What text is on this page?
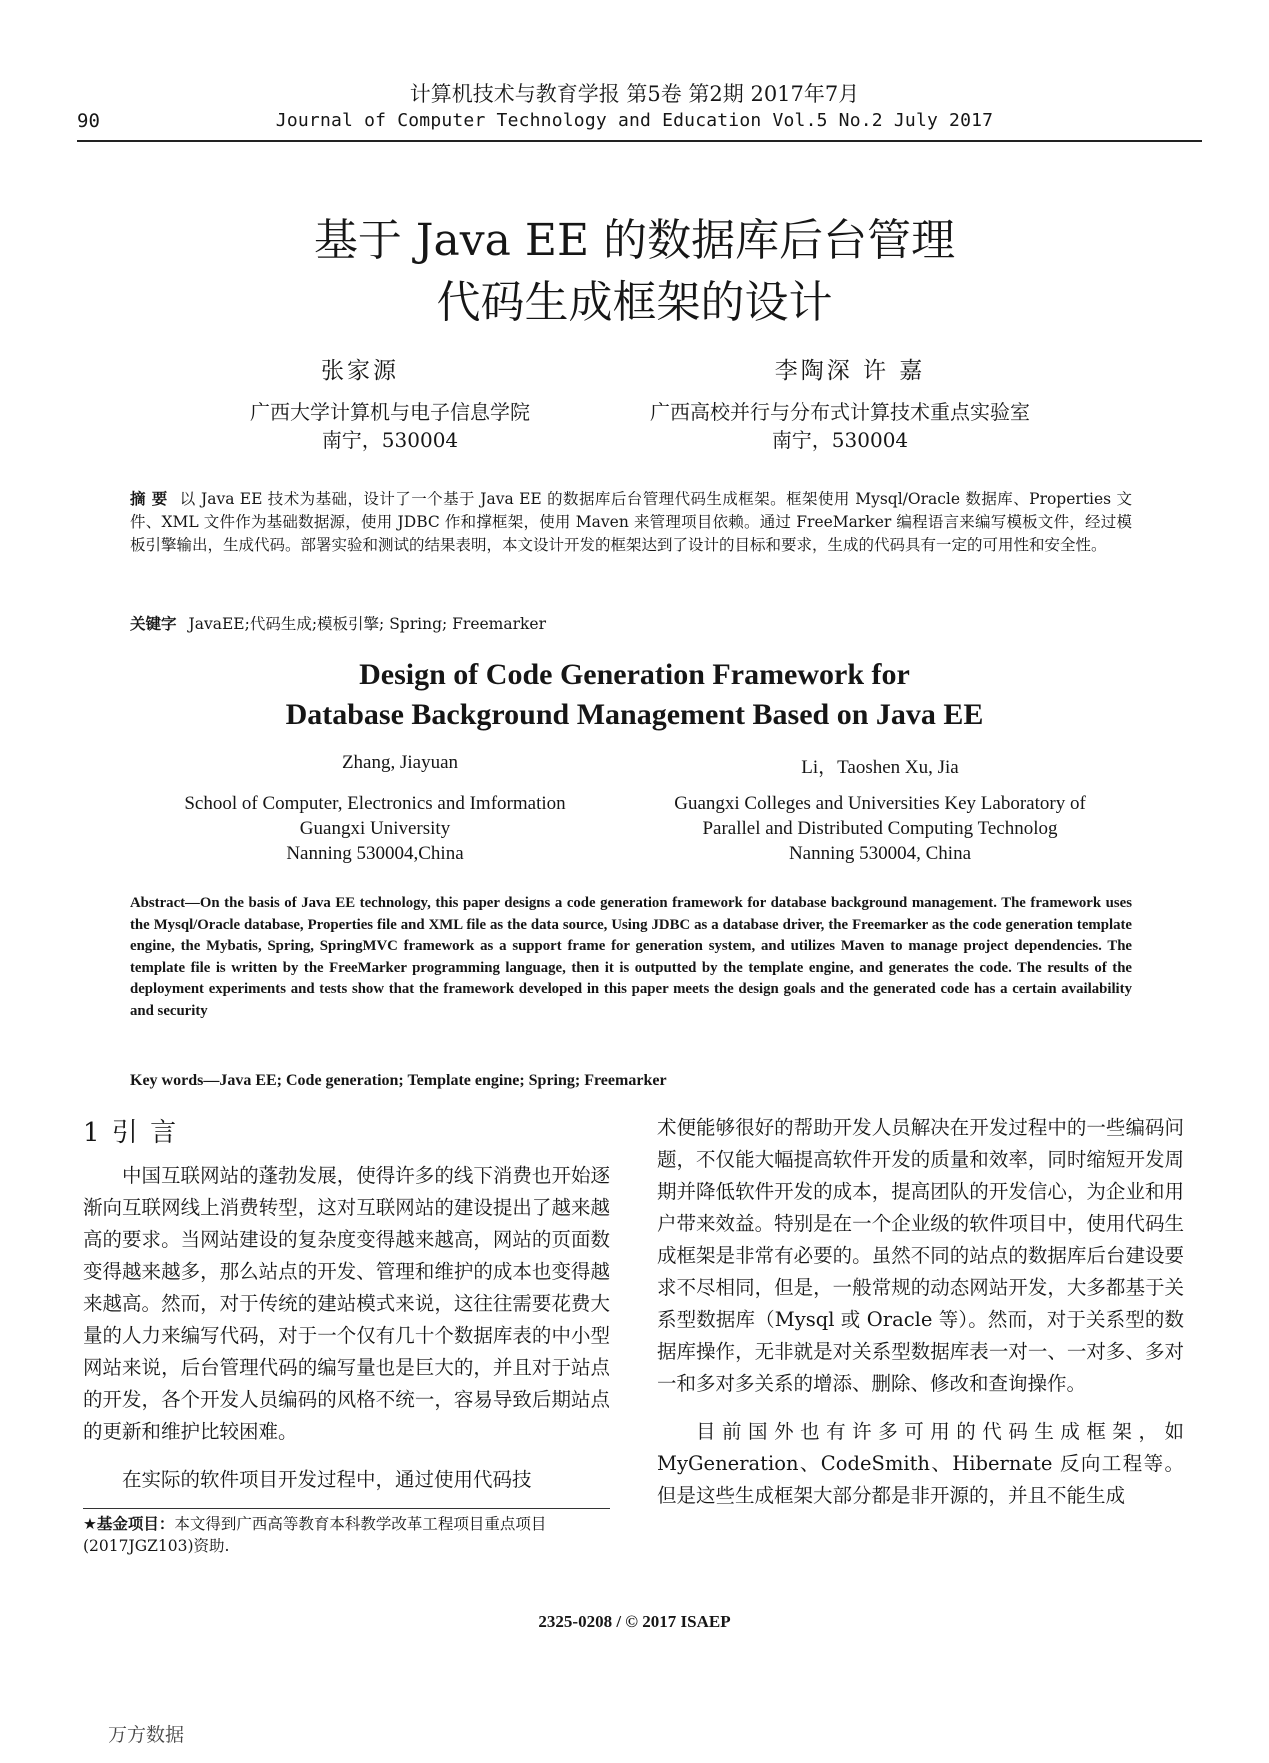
计算机技术与教育学报 第5卷 第2期 2017年7月
90	Journal of Computer Technology and Education Vol.5 No.2 July 2017
基于 Java EE 的数据库后台管理
代码生成框架的设计
张家源	李陶深 许 嘉
广西大学计算机与电子信息学院
南宁，530004
广西高校并行与分布式计算技术重点实验室
南宁，530004
摘 要 以 Java EE 技术为基础，设计了一个基于 Java EE 的数据库后台管理代码生成框架。框架使用 Mysql/Oracle 数据库、Properties 文件、XML 文件作为基础数据源，使用 JDBC 作和撑框架，使用 Maven 来管理项目依赖。通过 FreeMarker 编程语言来编写模板文件，经过模板引擎输出，生成代码。部署实验和测试的结果表明，本文设计开发的框架达到了设计的目标和要求，生成的代码具有一定的可用性和安全性。
关键字 JavaEE;代码生成;模板引擎; Spring; Freemarker
Design of Code Generation Framework for
Database Background Management Based on Java EE
Zhang, Jiayuan	Li，Taoshen Xu, Jia
School of Computer, Electronics and Imformation
Guangxi University
Nanning 530004,China
Guangxi Colleges and Universities Key Laboratory of
Parallel and Distributed Computing Technolog
Nanning 530004, China
Abstract—On the basis of Java EE technology, this paper designs a code generation framework for database background management. The framework uses the Mysql/Oracle database, Properties file and XML file as the data source, Using JDBC as a database driver, the Freemarker as the code generation template engine, the Mybatis, Spring, SpringMVC framework as a support frame for generation system, and utilizes Maven to manage project dependencies. The template file is written by the FreeMarker programming language, then it is outputted by the template engine, and generates the code. The results of the deployment experiments and tests show that the framework developed in this paper meets the design goals and the generated code has a certain availability and security
Key words—Java EE; Code generation; Template engine; Spring; Freemarker
1 引 言

中国互联网站的蓬勃发展，使得许多的线下消费也开始逐渐向互联网线上消费转型，这对互联网站的建设提出了越来越高的要求。当网站建设的复杂度变得越来越高，网站的页面数变得越来越多，那么站点的开发、管理和维护的成本也变得越来越高。然而，对于传统的建站模式来说，这往往需要花费大量的人力来编写代码，对于一个仅有几十个数据库表的中小型网站来说，后台管理代码的编写量也是巨大的，并且对于站点的开发，各个开发人员编码的风格不统一，容易导致后期站点的更新和维护比较困难。

在实际的软件项目开发过程中，通过使用代码技

术便能够很好的帮助开发人员解决在开发过程中的一些编码问题，不仅能大幅提高软件开发的质量和效率，同时缩短开发周期并降低软件开发的成本，提高团队的开发信心，为企业和用户带来效益。特别是在一个企业级的软件项目中，使用代码生成框架是非常有必要的。虽然不同的站点的数据库后台建设要求不尽相同，但是，一般常规的动态网站开发，大多都基于关系型数据库（Mysql 或 Oracle 等）。然而，对于关系型的数据库操作，无非就是对关系型数据库表一对一、一对多、多对一和多对多关系的增添、删除、修改和查询操作。

目前国外也有许多可用的代码生成框架，如 MyGeneration、CodeSmith、Hibernate 反向工程等。但是这些生成框架大部分都是非开源的，并且不能生成

★基金项目：本文得到广西高等教育本科教学改革工程项目重点项目(2017JGZ103)资助.
2325-0208 / © 2017 ISAEP
万方数据
